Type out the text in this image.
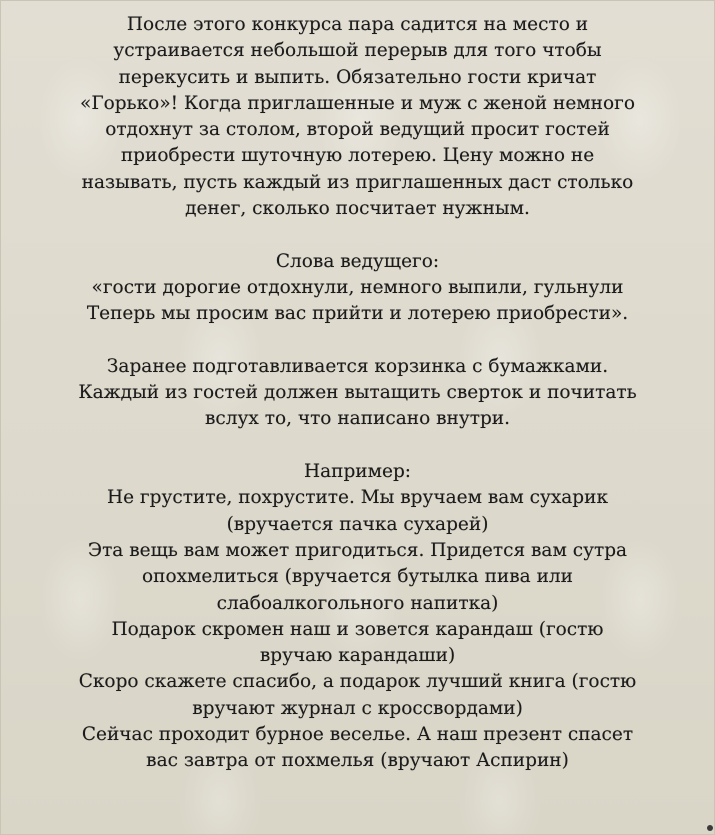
После этого конкурса пара садится на место и
устраивается небольшой перерыв для того чтобы
перекусить и выпить. Обязательно гости кричат
«Горько»! Когда приглашенные и муж с женой немного
отдохнут за столом, второй ведущий просит гостей
приобрести шуточную лотерею. Цену можно не
называть, пусть каждый из приглашенных даст столько
денег, сколько посчитает нужным.
Слова ведущего:
«гости дорогие отдохнули, немного выпили, гульнули
Теперь мы просим вас прийти и лотерею приобрести».
Заранее подготавливается корзинка с бумажками.
Каждый из гостей должен вытащить сверток и почитать
вслух то, что написано внутри.
Например:
Не грустите, похрустите. Мы вручаем вам сухарик
(вручается пачка сухарей)
Эта вещь вам может пригодиться. Придется вам сутра
опохмелиться (вручается бутылка пива или
слабоалкогольного напитка)
Подарок скромен наш и зовется карандаш (гостю
вручаю карандаши)
Скоро скажете спасибо, а подарок лучший книга (гостю
вручают журнал с кроссвордами)
Сейчас проходит бурное веселье. А наш презент спасет
вас завтра от похмелья (вручают Аспирин)
